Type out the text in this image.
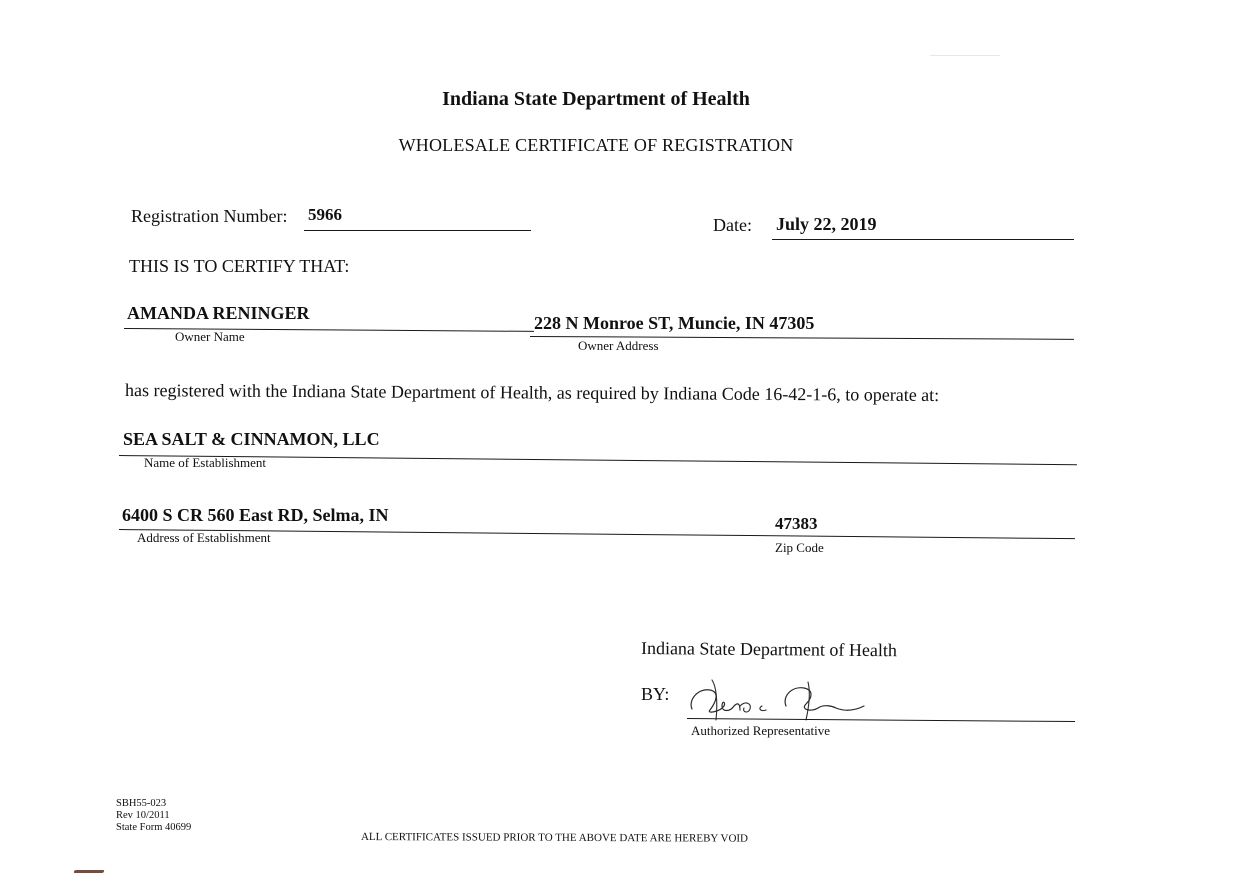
Indiana State Department of Health
WHOLESALE CERTIFICATE OF REGISTRATION
Registration Number: 5966
Date: July 22, 2019
THIS IS TO CERTIFY THAT:
AMANDA RENINGER	228 N Monroe ST, Muncie, IN 47305
Owner Name
Owner Address
has registered with the Indiana State Department of Health, as required by Indiana Code 16-42-1-6, to operate at:
SEA SALT & CINNAMON, LLC
Name of Establishment
6400 S CR 560 East RD, Selma, IN	47383
Address of Establishment
Zip Code
Indiana State Department of Health
BY:
Authorized Representative
SBH55-023
Rev 10/2011
State Form 40699
ALL CERTIFICATES ISSUED PRIOR TO THE ABOVE DATE ARE HEREBY VOID
